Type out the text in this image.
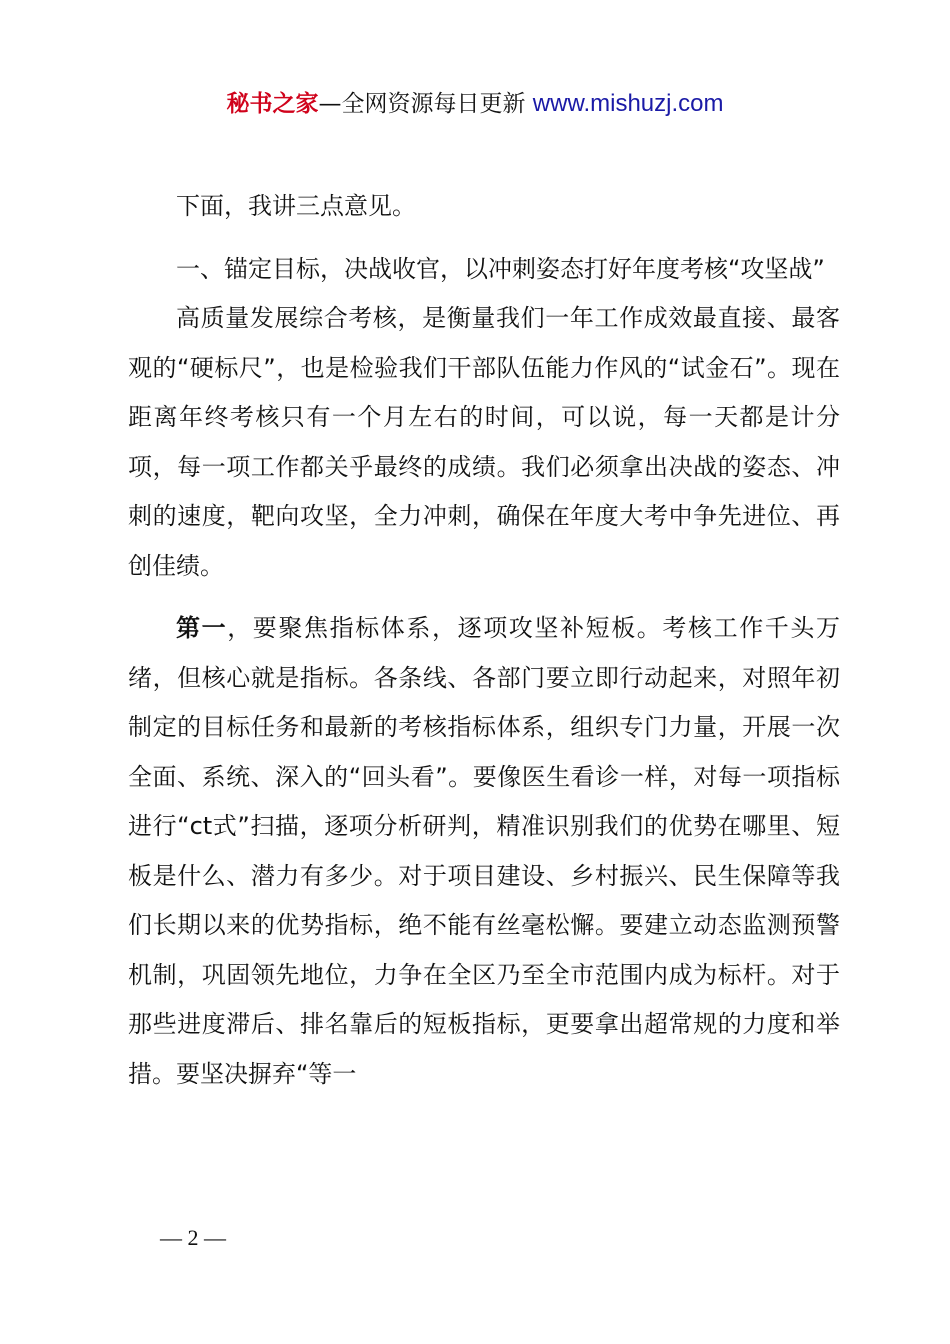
秘书之家—全网资源每日更新 www.mishuzj.com

下面，我讲三点意见。

一、锚定目标，决战收官，以冲刺姿态打好年度考核“攻坚战”

高质量发展综合考核，是衡量我们一年工作成效最直接、最客观的“硬标尺”，也是检验我们干部队伍能力作风的“试金石”。现在距离年终考核只有一个月左右的时间，可以说，每一天都是计分项，每一项工作都关乎最终的成绩。我们必须拿出决战的姿态、冲刺的速度，靶向攻坚，全力冲刺，确保在年度大考中争先进位、再创佳绩。

第一，要聚焦指标体系，逐项攻坚补短板。考核工作千头万绪，但核心就是指标。各条线、各部门要立即行动起来，对照年初制定的目标任务和最新的考核指标体系，组织专门力量，开展一次全面、系统、深入的“回头看”。要像医生看诊一样，对每一项指标进行“ct式”扫描，逐项分析研判，精准识别我们的优势在哪里、短板是什么、潜力有多少。对于项目建设、乡村振兴、民生保障等我们长期以来的优势指标，绝不能有丝毫松懈。要建立动态监测预警机制，巩固领先地位，力争在全区乃至全市范围内成为标杆。对于那些进度滞后、排名靠后的短板指标，更要拿出超常规的力度和举措。要坚决摒弃“等一

— 2 —
